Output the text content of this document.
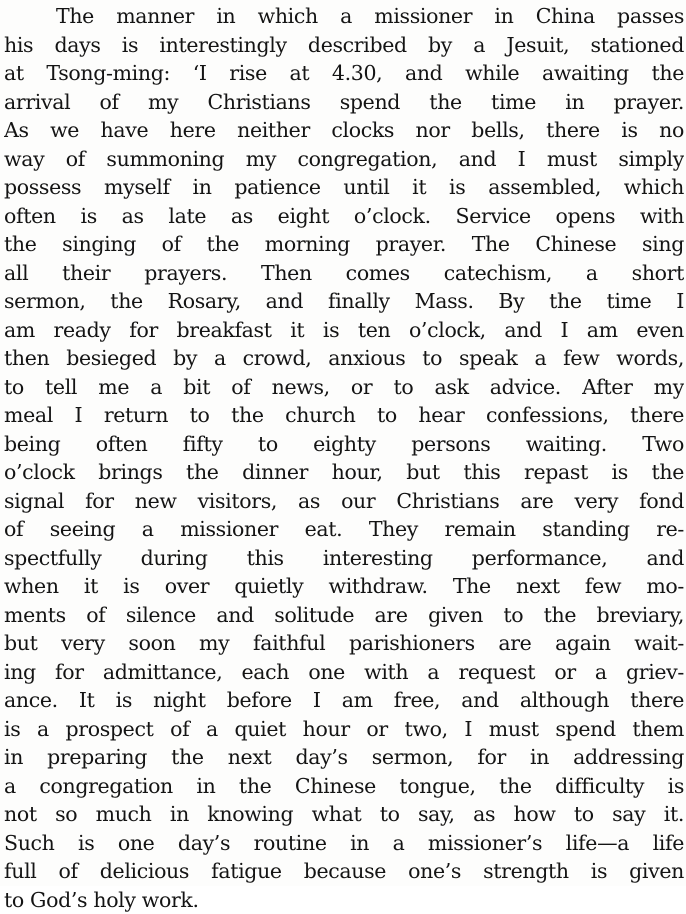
The manner in which a missioner in China passes
his days is interestingly described by a Jesuit, stationed
at Tsong-ming: ‘I rise at 4.30, and while awaiting the
arrival of my Christians spend the time in prayer.
As we have here neither clocks nor bells, there is no
way of summoning my congregation, and I must simply
possess myself in patience until it is assembled, which
often is as late as eight o’clock. Service opens with
the singing of the morning prayer. The Chinese sing
all their prayers. Then comes catechism, a short
sermon, the Rosary, and finally Mass. By the time I
am ready for breakfast it is ten o’clock, and I am even
then besieged by a crowd, anxious to speak a few words,
to tell me a bit of news, or to ask advice. After my
meal I return to the church to hear confessions, there
being often fifty to eighty persons waiting. Two
o’clock brings the dinner hour, but this repast is the
signal for new visitors, as our Christians are very fond
of seeing a missioner eat. They remain standing re-
spectfully during this interesting performance, and
when it is over quietly withdraw. The next few mo-
ments of silence and solitude are given to the breviary,
but very soon my faithful parishioners are again wait-
ing for admittance, each one with a request or a griev-
ance. It is night before I am free, and although there
is a prospect of a quiet hour or two, I must spend them
in preparing the next day’s sermon, for in addressing
a congregation in the Chinese tongue, the difficulty is
not so much in knowing what to say, as how to say it.
Such is one day’s routine in a missioner’s life—a life
full of delicious fatigue because one’s strength is given
to God’s holy work.
